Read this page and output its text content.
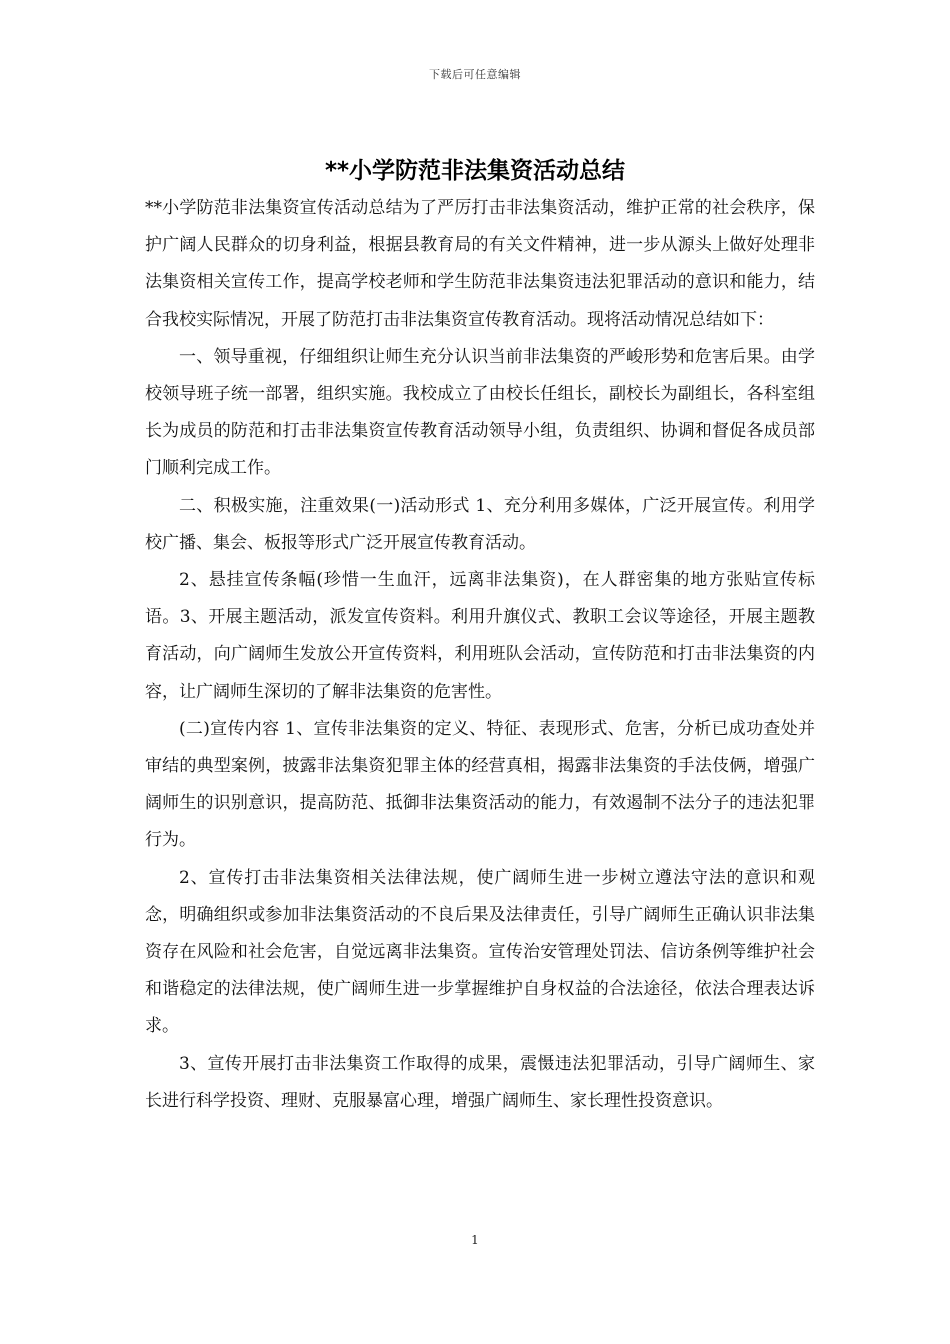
下载后可任意编辑
**小学防范非法集资活动总结

**小学防范非法集资宣传活动总结为了严厉打击非法集资活动，维护正常的社会秩序，保护广阔人民群众的切身利益，根据县教育局的有关文件精神，进一步从源头上做好处理非法集资相关宣传工作，提高学校老师和学生防范非法集资违法犯罪活动的意识和能力，结合我校实际情况，开展了防范打击非法集资宣传教育活动。现将活动情况总结如下：

一、领导重视，仔细组织让师生充分认识当前非法集资的严峻形势和危害后果。由学校领导班子统一部署，组织实施。我校成立了由校长任组长，副校长为副组长，各科室组长为成员的防范和打击非法集资宣传教育活动领导小组，负责组织、协调和督促各成员部门顺利完成工作。

二、积极实施，注重效果(一)活动形式 1、充分利用多媒体，广泛开展宣传。利用学校广播、集会、板报等形式广泛开展宣传教育活动。

2、悬挂宣传条幅(珍惜一生血汗，远离非法集资)，在人群密集的地方张贴宣传标语。3、开展主题活动，派发宣传资料。利用升旗仪式、教职工会议等途径，开展主题教育活动，向广阔师生发放公开宣传资料，利用班队会活动，宣传防范和打击非法集资的内容，让广阔师生深切的了解非法集资的危害性。

(二)宣传内容 1、宣传非法集资的定义、特征、表现形式、危害，分析已成功查处并审结的典型案例，披露非法集资犯罪主体的经营真相，揭露非法集资的手法伎俩，增强广阔师生的识别意识，提高防范、抵御非法集资活动的能力，有效遏制不法分子的违法犯罪行为。

2、宣传打击非法集资相关法律法规，使广阔师生进一步树立遵法守法的意识和观念，明确组织或参加非法集资活动的不良后果及法律责任，引导广阔师生正确认识非法集资存在风险和社会危害，自觉远离非法集资。宣传治安管理处罚法、信访条例等维护社会和谐稳定的法律法规，使广阔师生进一步掌握维护自身权益的合法途径，依法合理表达诉求。

3、宣传开展打击非法集资工作取得的成果，震慑违法犯罪活动，引导广阔师生、家长进行科学投资、理财、克服暴富心理，增强广阔师生、家长理性投资意识。

1
